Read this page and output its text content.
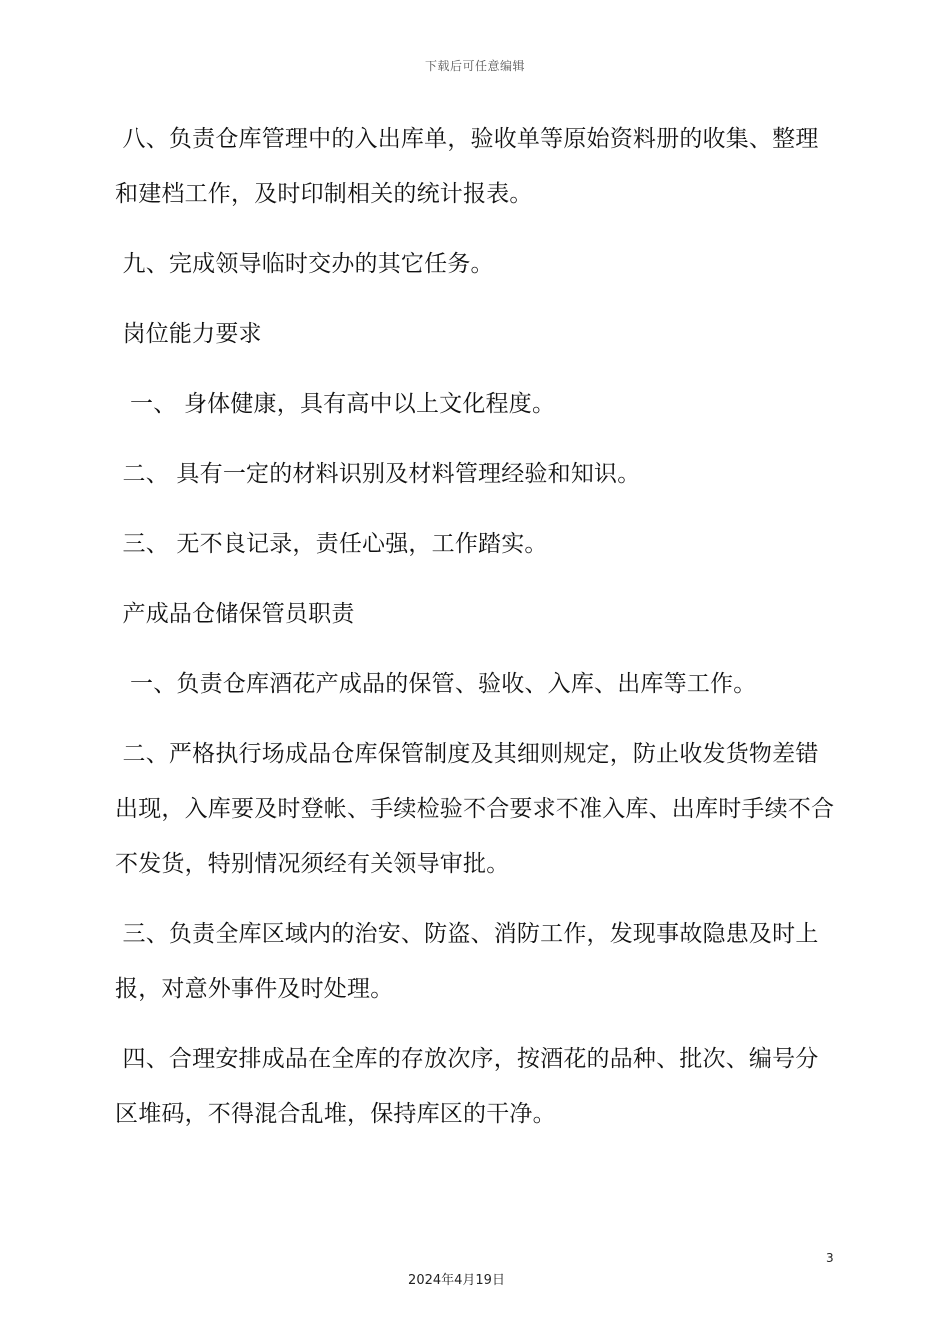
下载后可任意编辑

八、负责仓库管理中的入出库单，验收单等原始资料册的收集、整理和建档工作，及时印制相关的统计报表。

九、完成领导临时交办的其它任务。

岗位能力要求

一、 身体健康，具有高中以上文化程度。

二、 具有一定的材料识别及材料管理经验和知识。

三、 无不良记录，责任心强，工作踏实。

产成品仓储保管员职责

一、负责仓库酒花产成品的保管、验收、入库、出库等工作。

二、严格执行场成品仓库保管制度及其细则规定，防止收发货物差错出现，入库要及时登帐、手续检验不合要求不准入库、出库时手续不合不发货，特别情况须经有关领导审批。

三、负责全库区域内的治安、防盗、消防工作，发现事故隐患及时上报，对意外事件及时处理。

四、合理安排成品在全库的存放次序，按酒花的品种、批次、编号分区堆码，不得混合乱堆，保持库区的干净。

3
2024年4月19日
